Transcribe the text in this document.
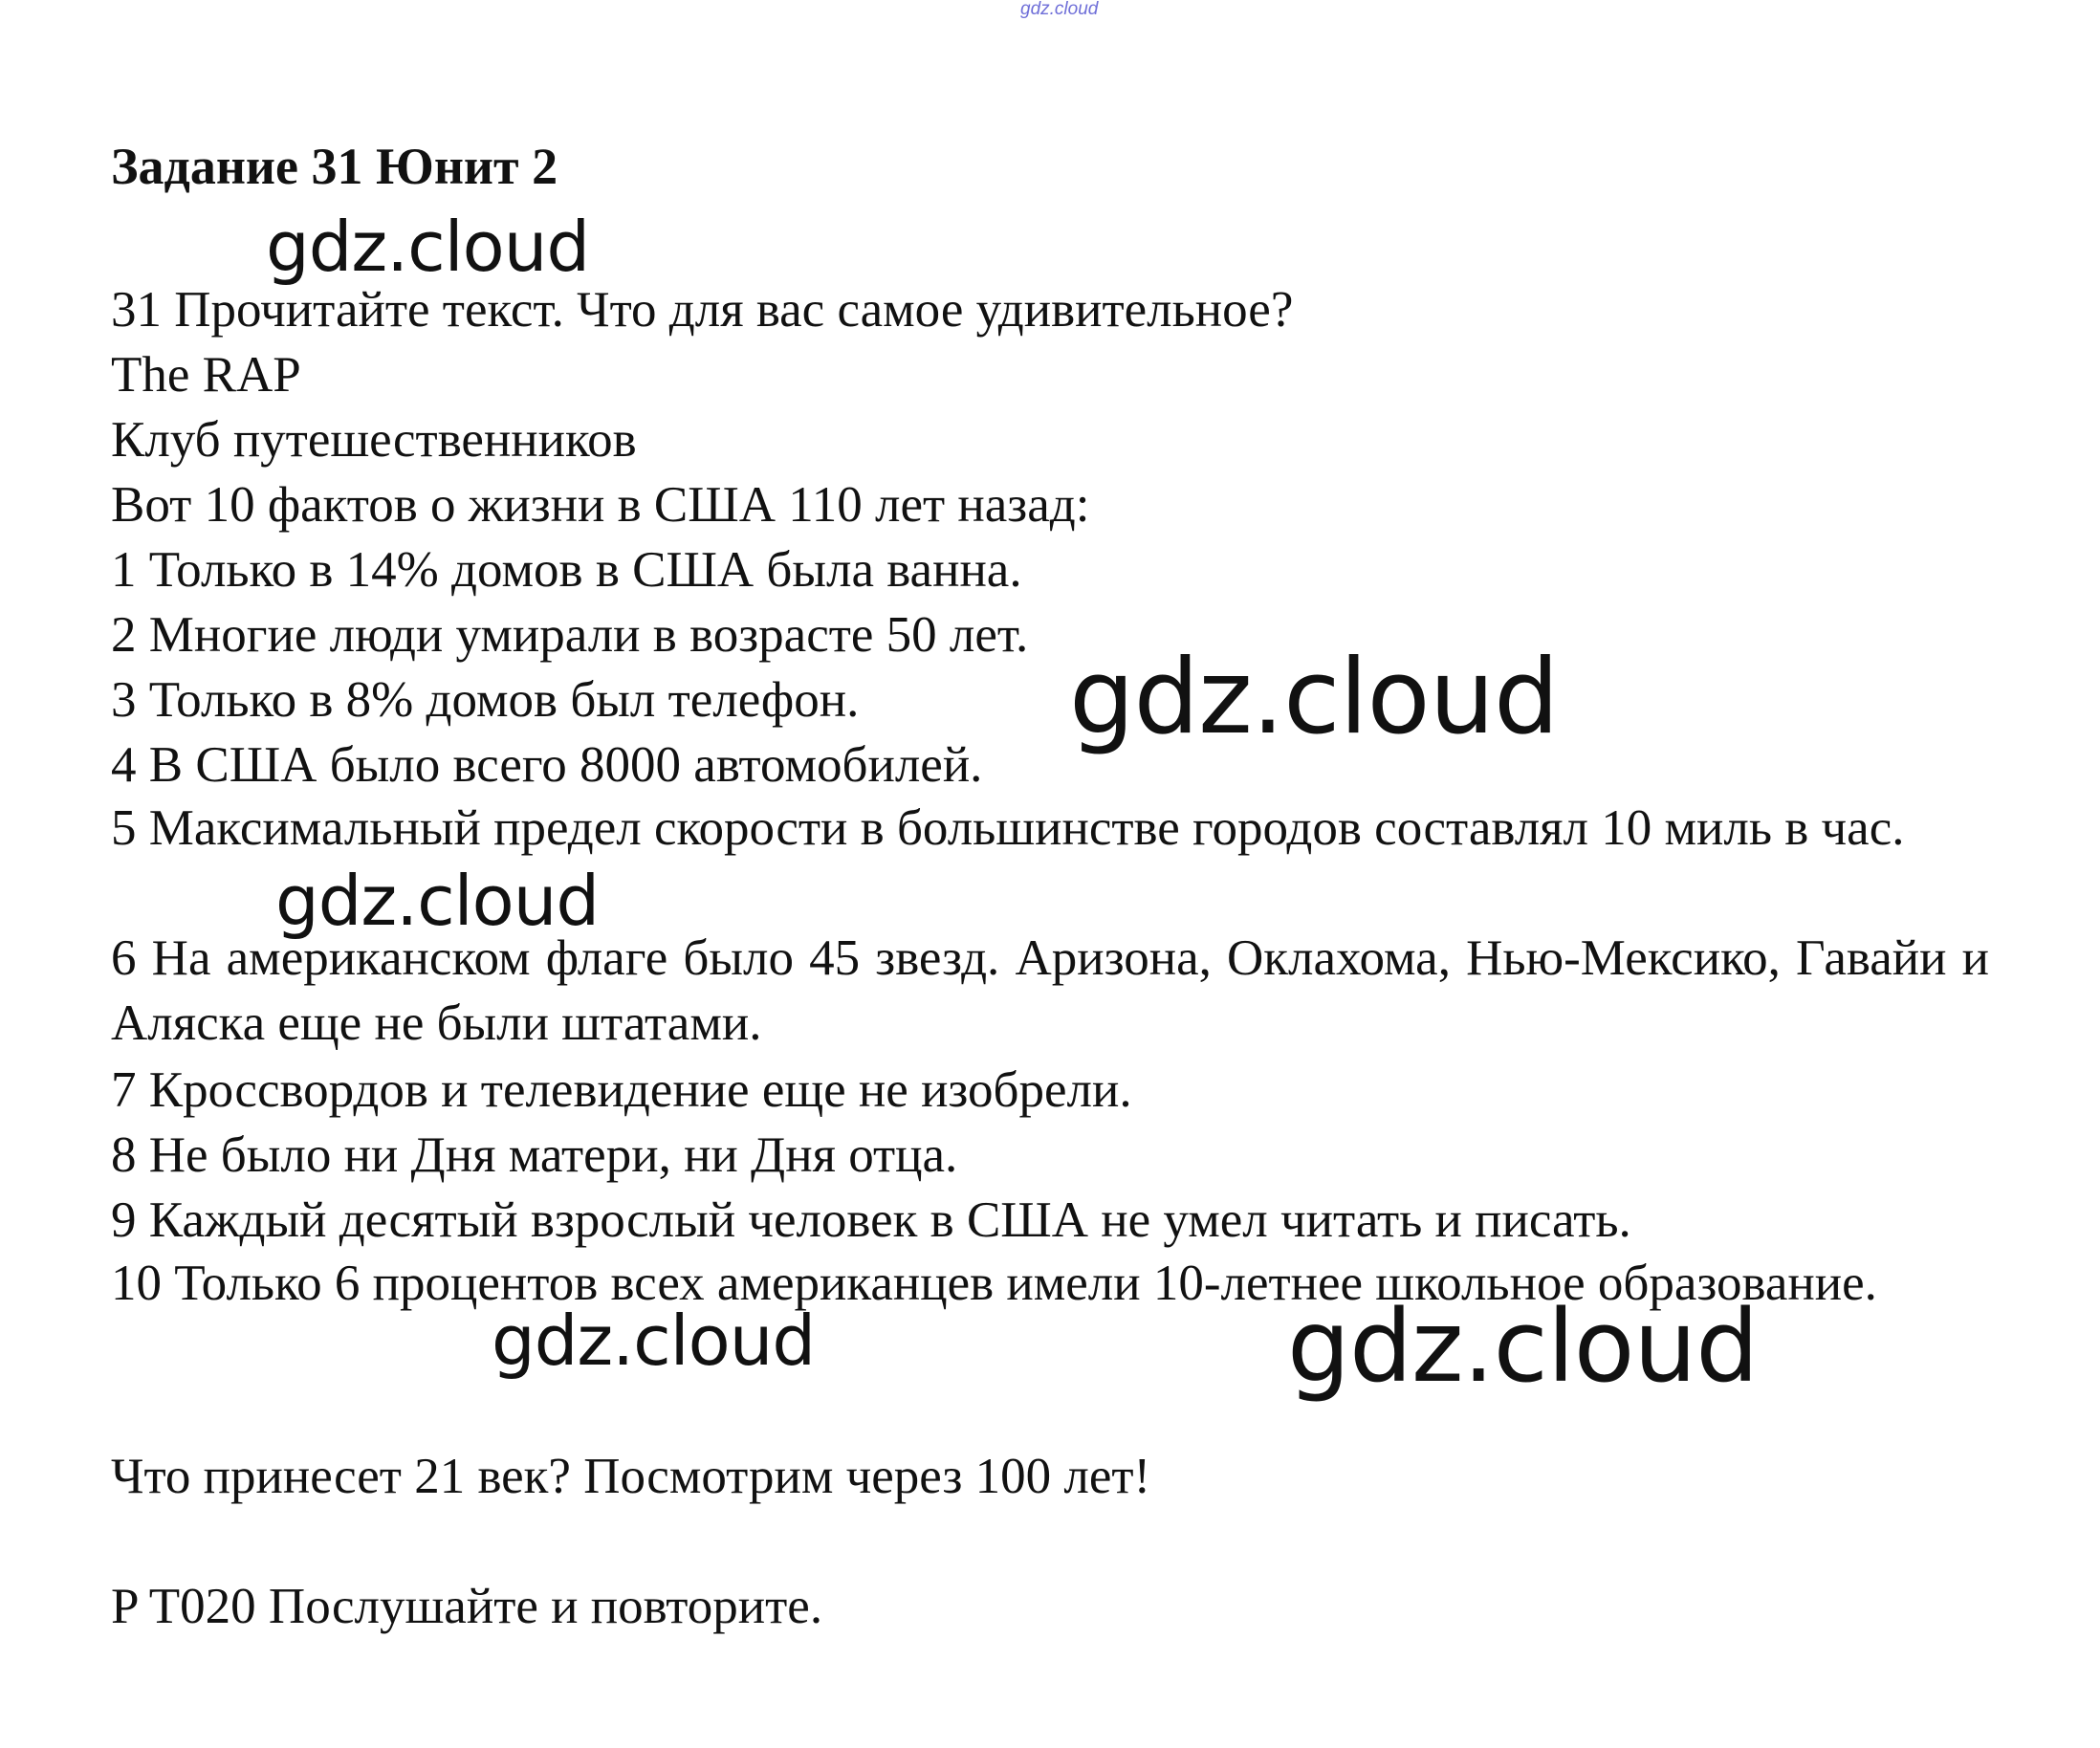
gdz.cloud
Задание 31 Юнит 2
31 Прочитайте текст. Что для вас самое удивительное?
The RAP
Клуб путешественников
Вот 10 фактов о жизни в США 110 лет назад:
1 Только в 14% домов в США была ванна.
2 Многие люди умирали в возрасте 50 лет.
3 Только в 8% домов был телефон.
4 В США было всего 8000 автомобилей.
5 Максимальный предел скорости в большинстве городов составлял 10 миль в час.
6 На американском флаге было 45 звезд. Аризона, Оклахома, Нью-Мексико, Гавайи и Аляска еще не были штатами.
7 Кроссвордов и телевидение еще не изобрели.
8 Не было ни Дня матери, ни Дня отца.
9 Каждый десятый взрослый человек в США не умел читать и писать.
10 Только 6 процентов всех американцев имели 10-летнее школьное образование.
Что принесет 21 век? Посмотрим через 100 лет!
P T020 Послушайте и повторите.
gdz.cloud
gdz.cloud
gdz.cloud
gdz.cloud	gdz.cloud
